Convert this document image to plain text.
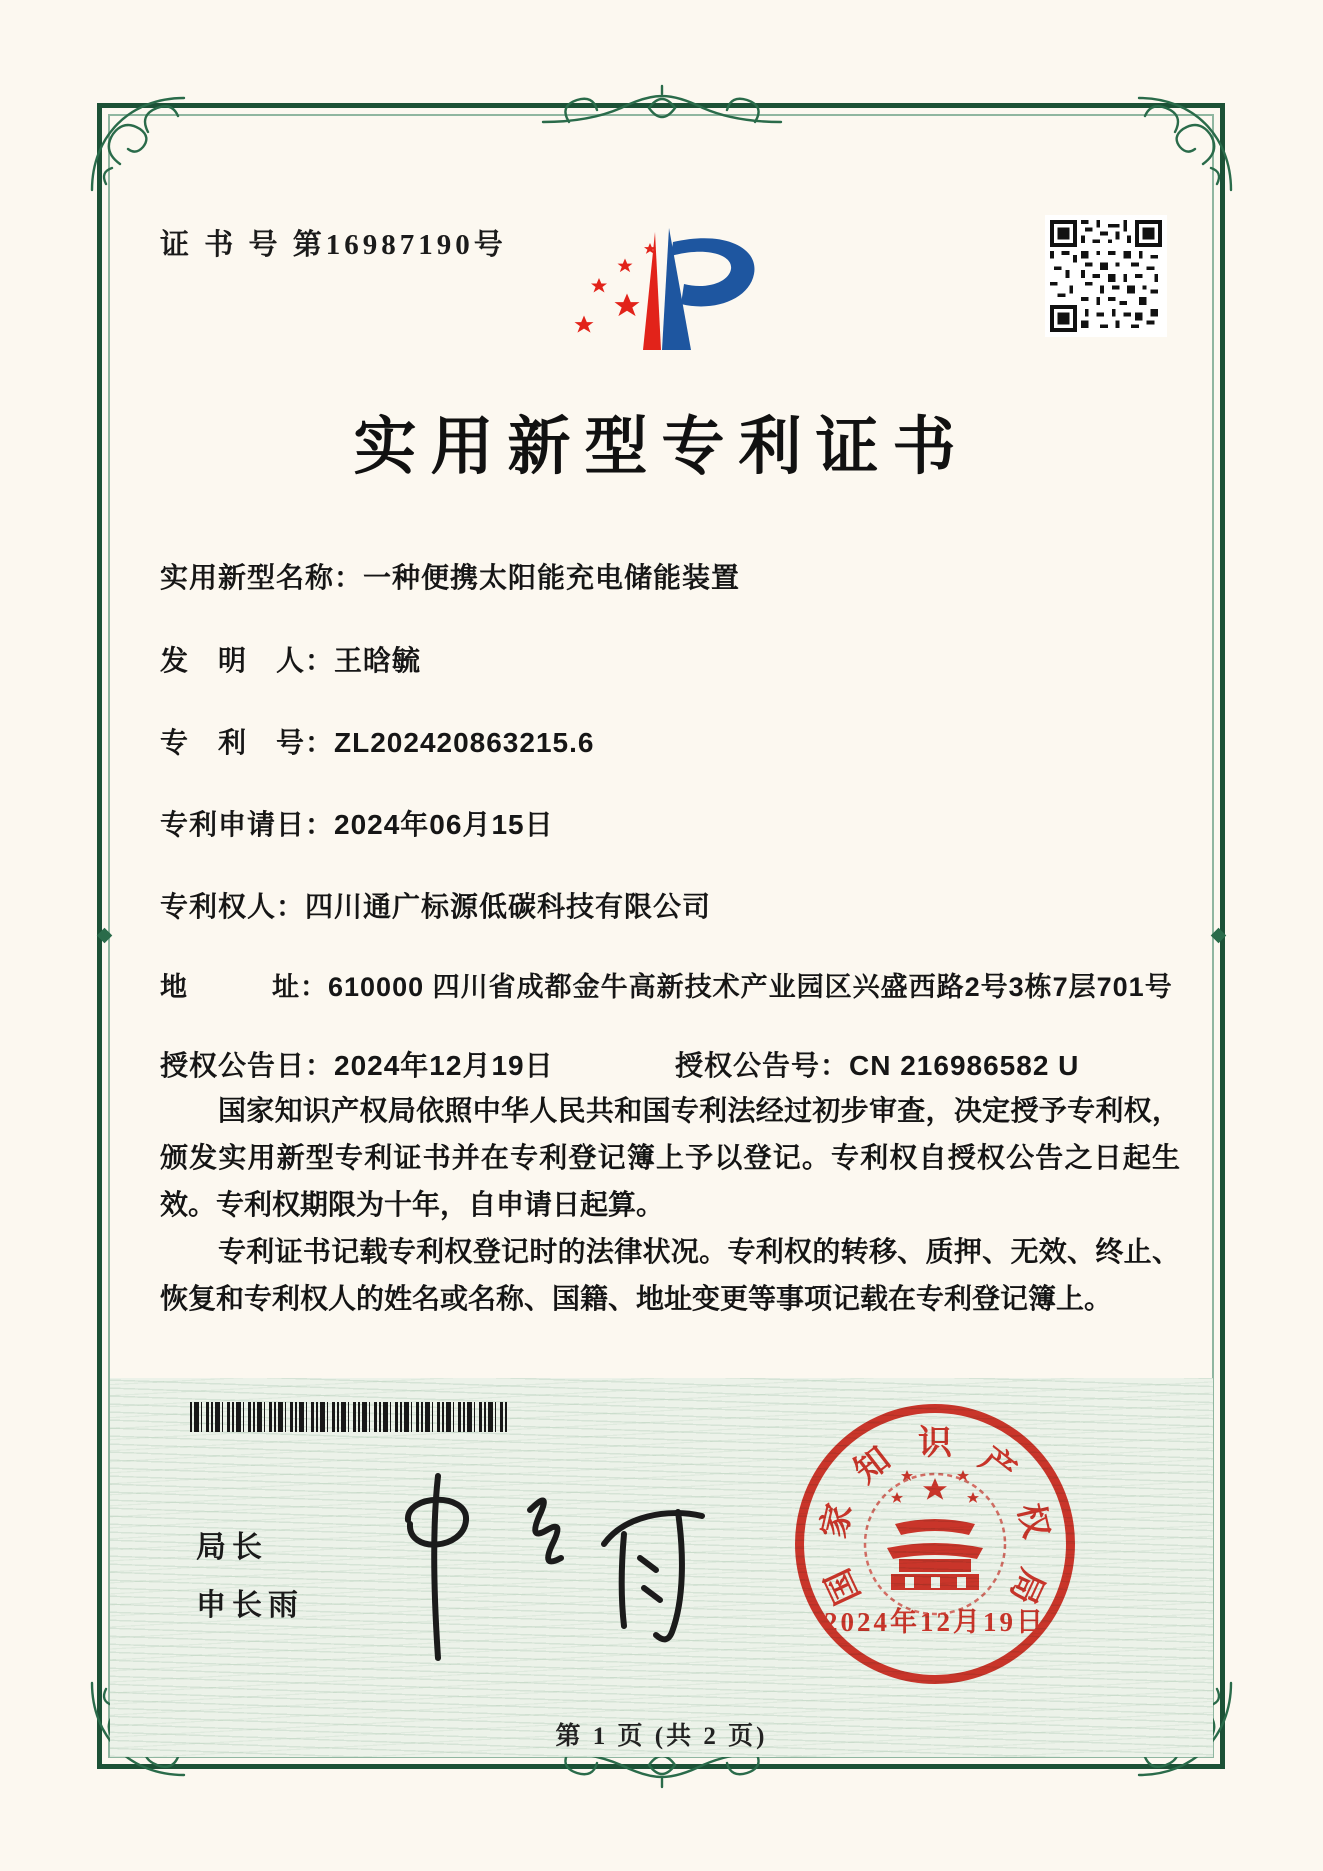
证 书 号 第16987190号
实用新型专利证书
实用新型名称：一种便携太阳能充电储能装置
发　明　人：王晗毓
专　利　号：ZL202420863215.6
专利申请日：2024年06月15日
专利权人：四川通广标源低碳科技有限公司
地　　　址：610000 四川省成都金牛高新技术产业园区兴盛西路2号3栋7层701号
授权公告日：2024年12月19日	授权公告号：CN 216986582 U

国家知识产权局依照中华人民共和国专利法经过初步审查，决定授予专利权，颁发实用新型专利证书并在专利登记簿上予以登记。专利权自授权公告之日起生效。专利权期限为十年，自申请日起算。

专利证书记载专利权登记时的法律状况。专利权的转移、质押、无效、终止、恢复和专利权人的姓名或名称、国籍、地址变更等事项记载在专利登记簿上。

局长
申长雨	国
家
知 识 产
权
局
2024年12月19日
第 1 页 (共 2 页)
